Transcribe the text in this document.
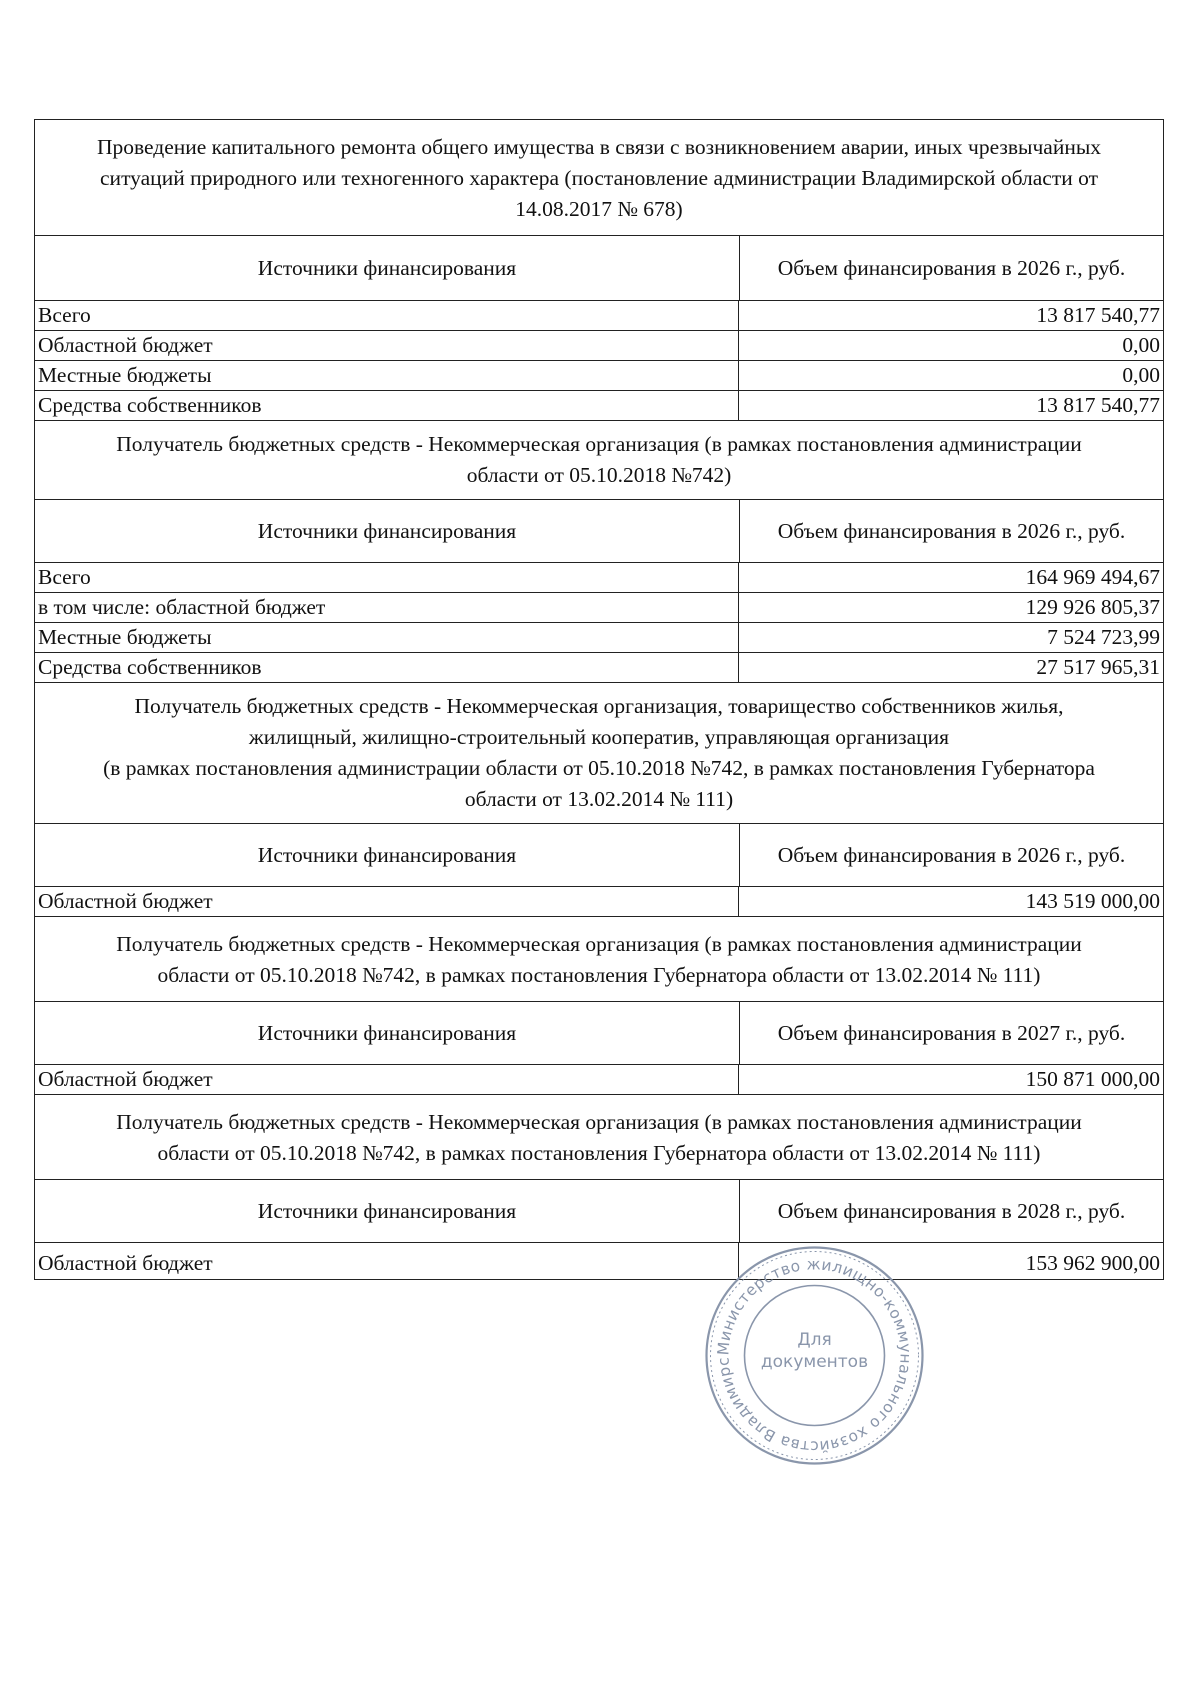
Проведение капитального ремонта общего имущества в связи с возникновением аварии, иных чрезвычайных
ситуаций природного или техногенного характера (постановление администрации Владимирской области от
14.08.2017 № 678)
Источники финансирования	Объем финансирования в 2026 г., руб.
Всего	13 817 540,77
Областной бюджет	0,00
Местные бюджеты	0,00
Средства собственников	13 817 540,77
Получатель бюджетных средств - Некоммерческая организация (в рамках постановления администрации
области от 05.10.2018 №742)
Источники финансирования	Объем финансирования в 2026 г., руб.
Всего	164 969 494,67
в том числе: областной бюджет	129 926 805,37
Местные бюджеты	7 524 723,99
Средства собственников	27 517 965,31
Получатель бюджетных средств - Некоммерческая организация, товарищество собственников жилья,
жилищный, жилищно-строительный кооператив, управляющая организация
(в рамках постановления администрации области от 05.10.2018 №742, в рамках постановления Губернатора
области от 13.02.2014 № 111)
Источники финансирования	Объем финансирования в 2026 г., руб.
Областной бюджет	143 519 000,00
Получатель бюджетных средств - Некоммерческая организация (в рамках постановления администрации
области от 05.10.2018 №742, в рамках постановления Губернатора области от 13.02.2014 № 111)
Источники финансирования	Объем финансирования в 2027 г., руб.
Областной бюджет	150 871 000,00
Получатель бюджетных средств - Некоммерческая организация (в рамках постановления администрации
области от 05.10.2018 №742, в рамках постановления Губернатора области от 13.02.2014 № 111)
Источники финансирования	Объем финансирования в 2028 г., руб.
Областной бюджет	153 962 900,00
Министерство жилищно-коммунального хозяйства Владимирс
Для
документов
